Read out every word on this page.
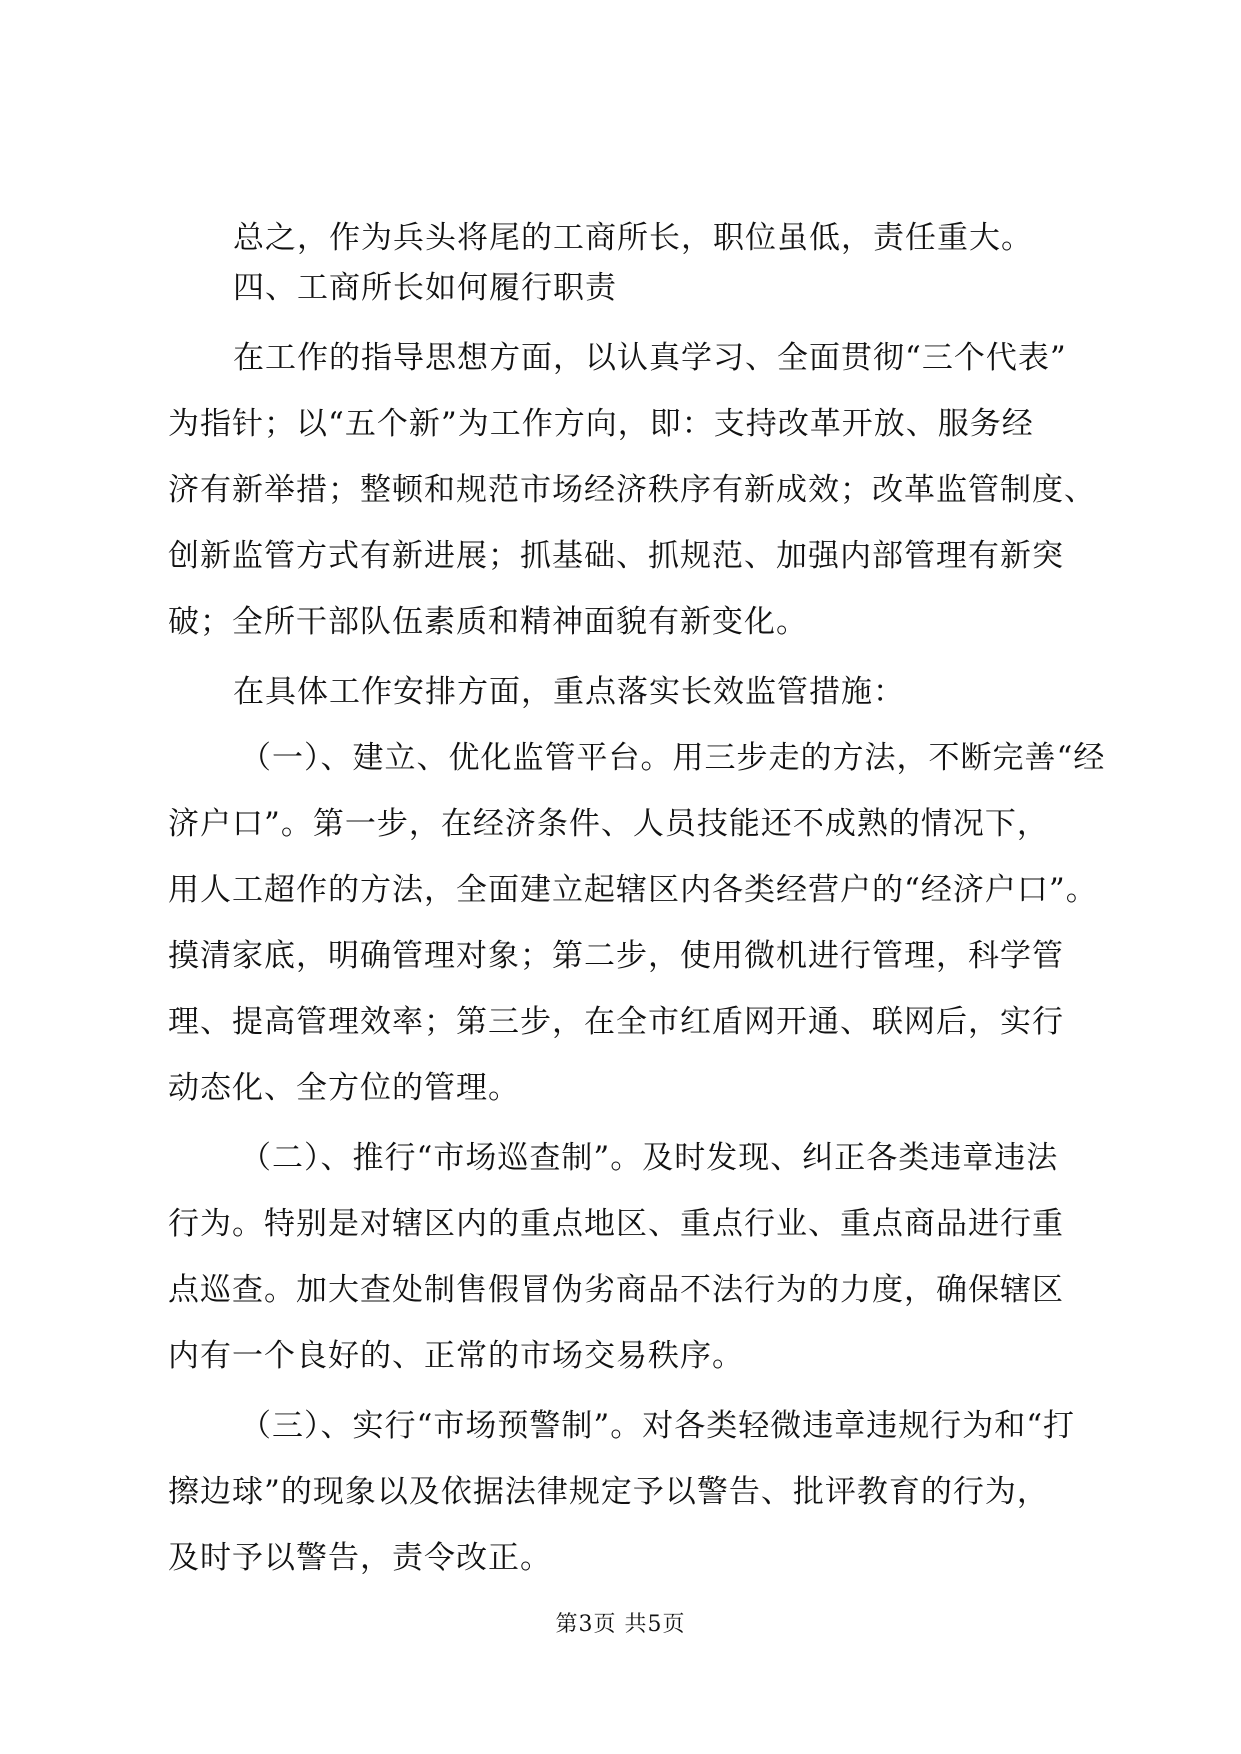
总之，作为兵头将尾的工商所长，职位虽低，责任重大。
四、工商所长如何履行职责
在工作的指导思想方面，以认真学习、全面贯彻“三个代表”
为指针；以“五个新”为工作方向，即：支持改革开放、服务经
济有新举措；整顿和规范市场经济秩序有新成效；改革监管制度、
创新监管方式有新进展；抓基础、抓规范、加强内部管理有新突
破；全所干部队伍素质和精神面貌有新变化。
在具体工作安排方面，重点落实长效监管措施：
（一）、建立、优化监管平台。用三步走的方法，不断完善“经
济户口”。第一步，在经济条件、人员技能还不成熟的情况下，
用人工超作的方法，全面建立起辖区内各类经营户的“经济户口”。
摸清家底，明确管理对象；第二步，使用微机进行管理，科学管
理、提高管理效率；第三步，在全市红盾网开通、联网后，实行
动态化、全方位的管理。
（二）、推行“市场巡查制”。及时发现、纠正各类违章违法
行为。特别是对辖区内的重点地区、重点行业、重点商品进行重
点巡查。加大查处制售假冒伪劣商品不法行为的力度，确保辖区
内有一个良好的、正常的市场交易秩序。
（三）、实行“市场预警制”。对各类轻微违章违规行为和“打
擦边球”的现象以及依据法律规定予以警告、批评教育的行为，
及时予以警告，责令改正。
第3页 共5页
